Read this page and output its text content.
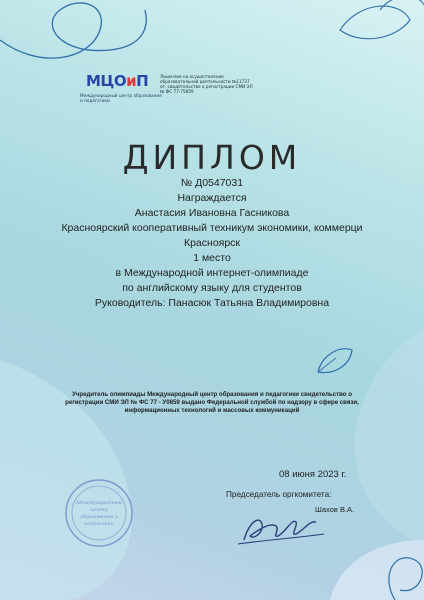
МЦОиП
Международный центр образования и педагогики
Лицензия на осуществление образовательной деятельности №11737 от, свидетельство о регистрации СМИ ЭЛ № ФС 77-75859
ДИПЛОМ
№ Д0547031
Награждается
Анастасия Ивановна Гасникова
Красноярский кооперативный техникум экономики, коммерци
Красноярск
1 место
в Международной интернет-олимпиаде
по английскому языку для студентов
Руководитель: Панасюк Татьяна Владимировна
Учредитель олимпиады Международный центр образования и педагогики свидетельство о регистрации СМИ ЭЛ № ФС 77 - У0859 выдано Федеральной службой по надзору в сфере связи, информационных технологий и массовых коммуникаций
08 июня 2023 г.
Председатель оргкомитета:
Шахов В.А.
Международный
центр
образования и
педагогики
